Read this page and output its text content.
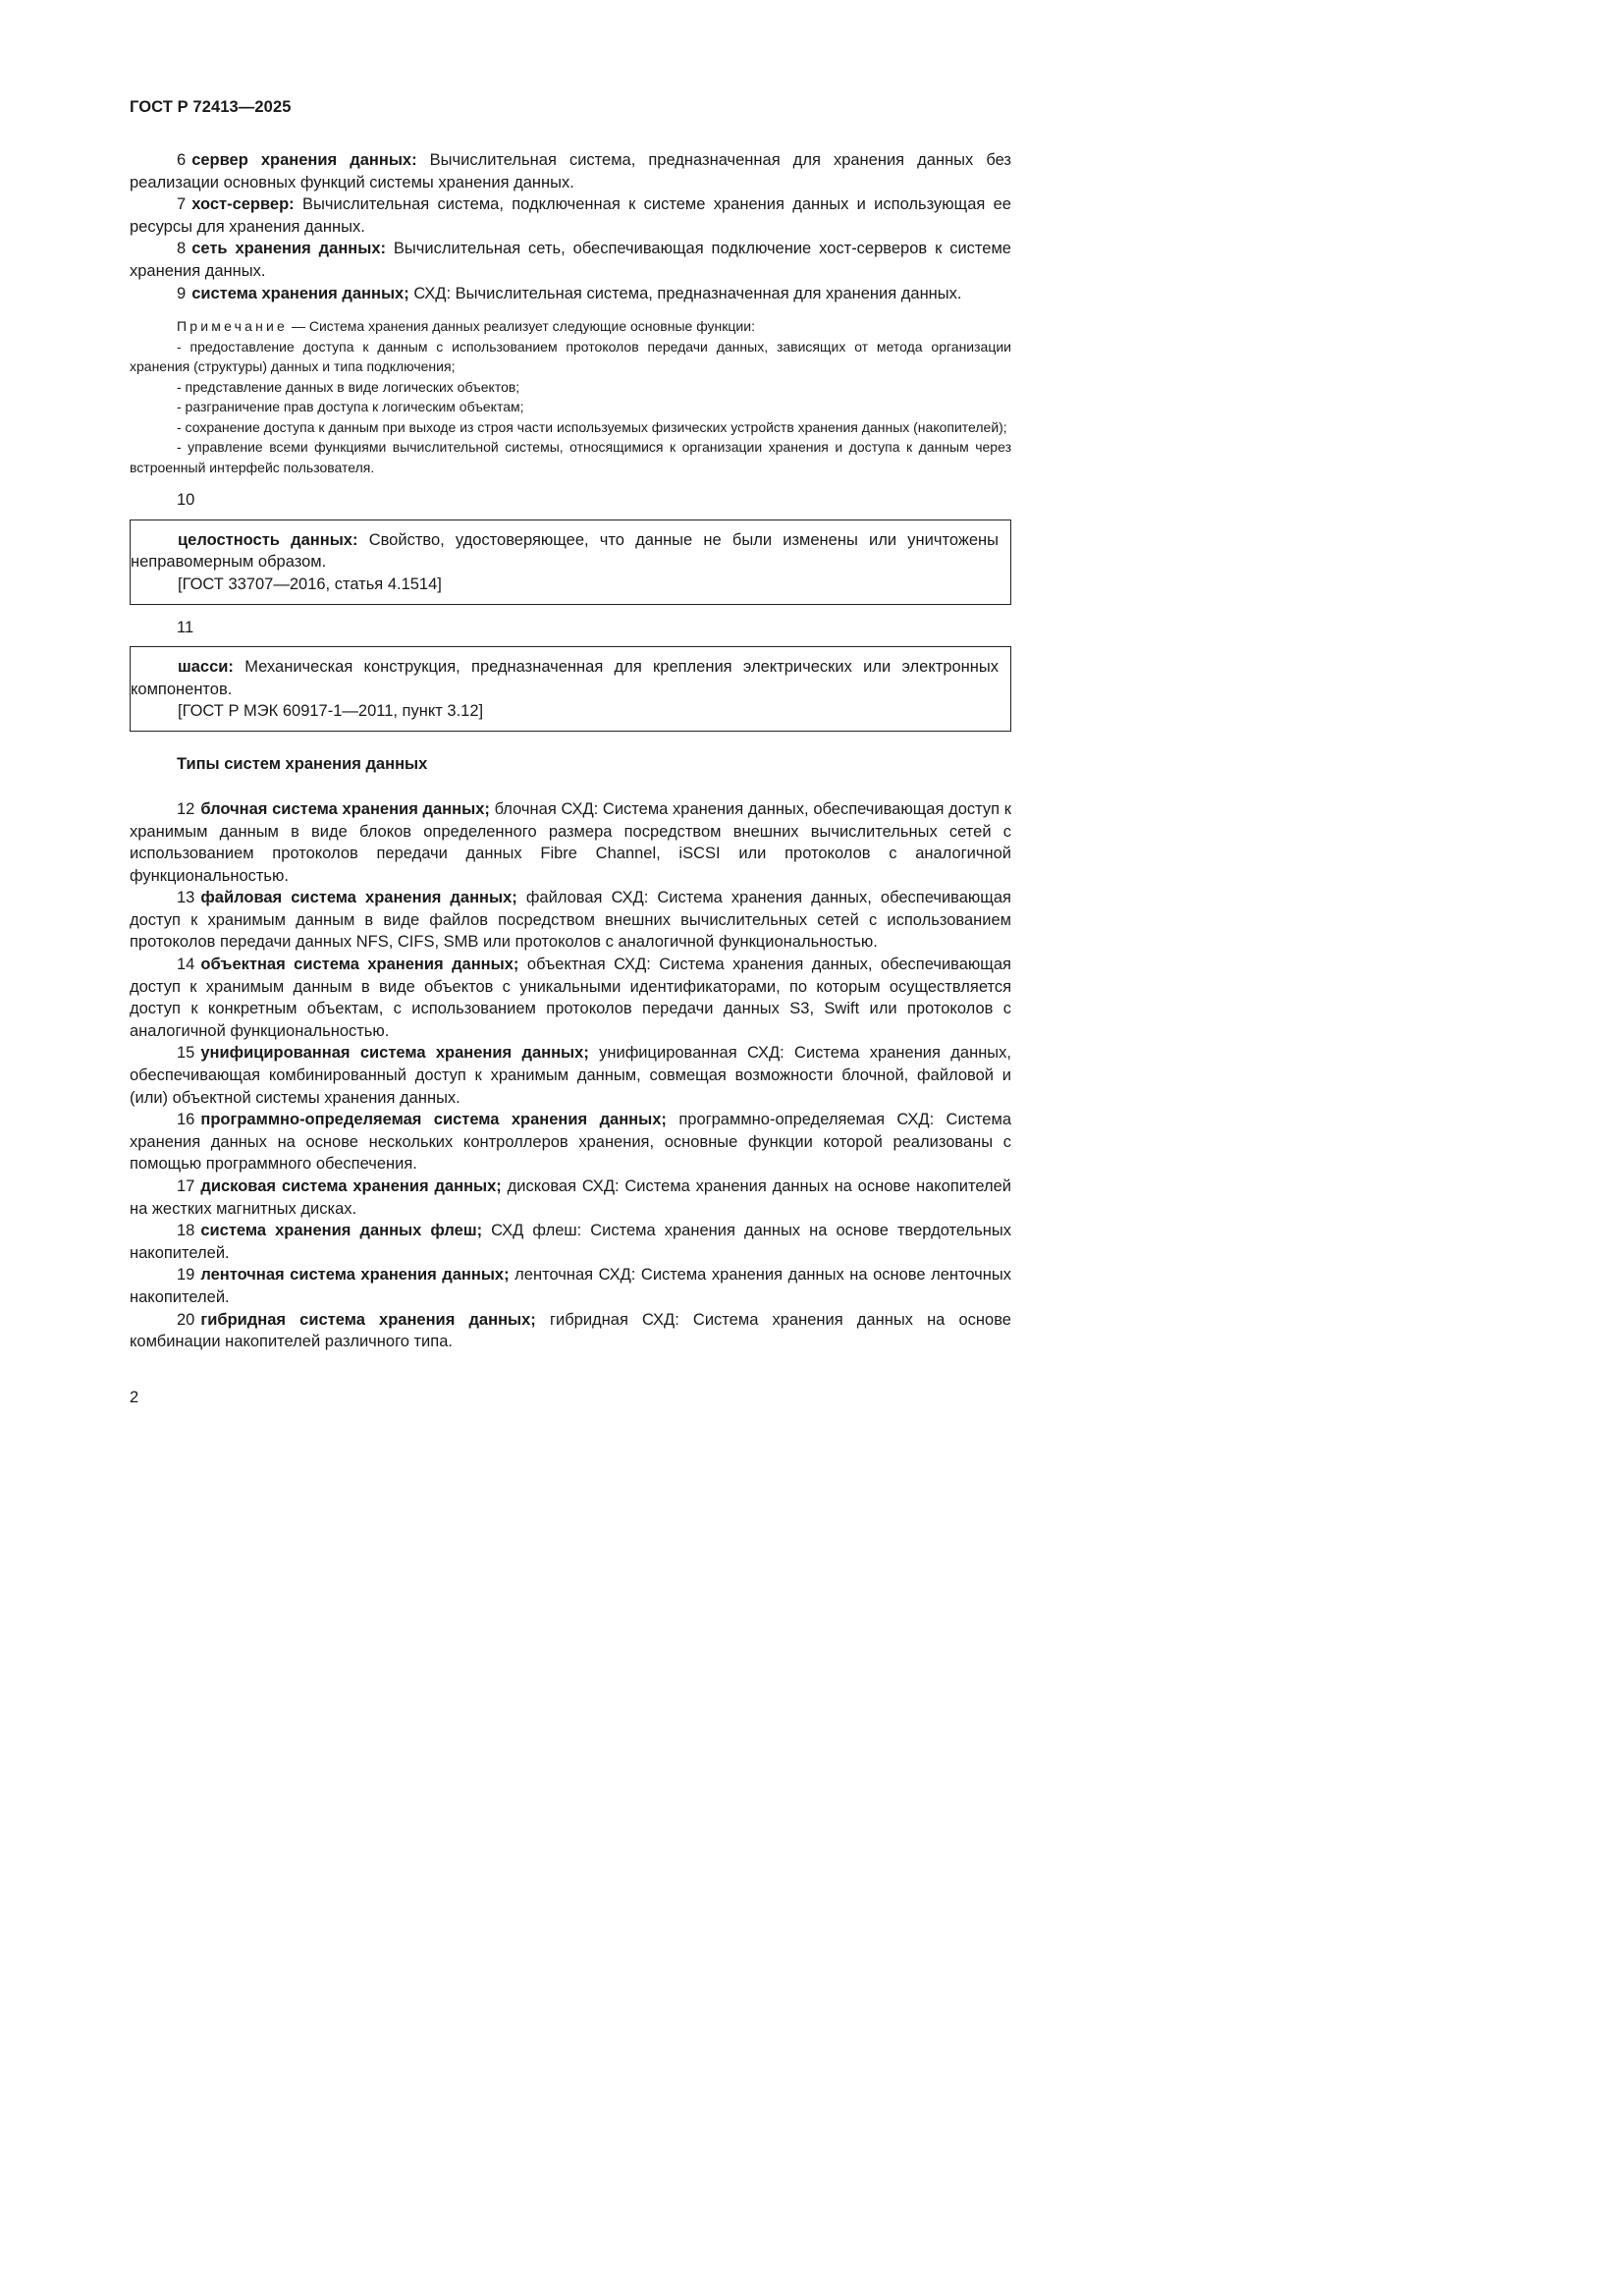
ГОСТ Р 72413—2025

6 сервер хранения данных: Вычислительная система, предназначенная для хранения данных без реализации основных функций системы хранения данных.

7 хост-сервер: Вычислительная система, подключенная к системе хранения данных и использующая ее ресурсы для хранения данных.

8 сеть хранения данных: Вычислительная сеть, обеспечивающая подключение хост-серверов к системе хранения данных.

9 система хранения данных; СХД: Вычислительная система, предназначенная для хранения данных.

Примечание — Система хранения данных реализует следующие основные функции:

- предоставление доступа к данным с использованием протоколов передачи данных, зависящих от метода организации хранения (структуры) данных и типа подключения;

- представление данных в виде логических объектов;

- разграничение прав доступа к логическим объектам;

- сохранение доступа к данным при выходе из строя части используемых физических устройств хранения данных (накопителей);

- управление всеми функциями вычислительной системы, относящимися к организации хранения и доступа к данным через встроенный интерфейс пользователя.

10

целостность данных: Свойство, удостоверяющее, что данные не были изменены или уничтожены неправомерным образом.

[ГОСТ 33707—2016, статья 4.1514]
11

шасси: Механическая конструкция, предназначенная для крепления электрических или электронных компонентов.

[ГОСТ Р МЭК 60917-1—2011, пункт 3.12]
Типы систем хранения данных

12 блочная система хранения данных; блочная СХД: Система хранения данных, обеспечивающая доступ к хранимым данным в виде блоков определенного размера посредством внешних вычислительных сетей с использованием протоколов передачи данных Fibre Channel, iSCSI или протоколов с аналогичной функциональностью.

13 файловая система хранения данных; файловая СХД: Система хранения данных, обеспечивающая доступ к хранимым данным в виде файлов посредством внешних вычислительных сетей с использованием протоколов передачи данных NFS, CIFS, SMB или протоколов с аналогичной функциональностью.

14 объектная система хранения данных; объектная СХД: Система хранения данных, обеспечивающая доступ к хранимым данным в виде объектов с уникальными идентификаторами, по которым осуществляется доступ к конкретным объектам, с использованием протоколов передачи данных S3, Swift или протоколов с аналогичной функциональностью.

15 унифицированная система хранения данных; унифицированная СХД: Система хранения данных, обеспечивающая комбинированный доступ к хранимым данным, совмещая возможности блочной, файловой и (или) объектной системы хранения данных.

16 программно-определяемая система хранения данных; программно-определяемая СХД: Система хранения данных на основе нескольких контроллеров хранения, основные функции которой реализованы с помощью программного обеспечения.

17 дисковая система хранения данных; дисковая СХД: Система хранения данных на основе накопителей на жестких магнитных дисках.

18 система хранения данных флеш; СХД флеш: Система хранения данных на основе твердотельных накопителей.

19 ленточная система хранения данных; ленточная СХД: Система хранения данных на основе ленточных накопителей.

20 гибридная система хранения данных; гибридная СХД: Система хранения данных на основе комбинации накопителей различного типа.

2
